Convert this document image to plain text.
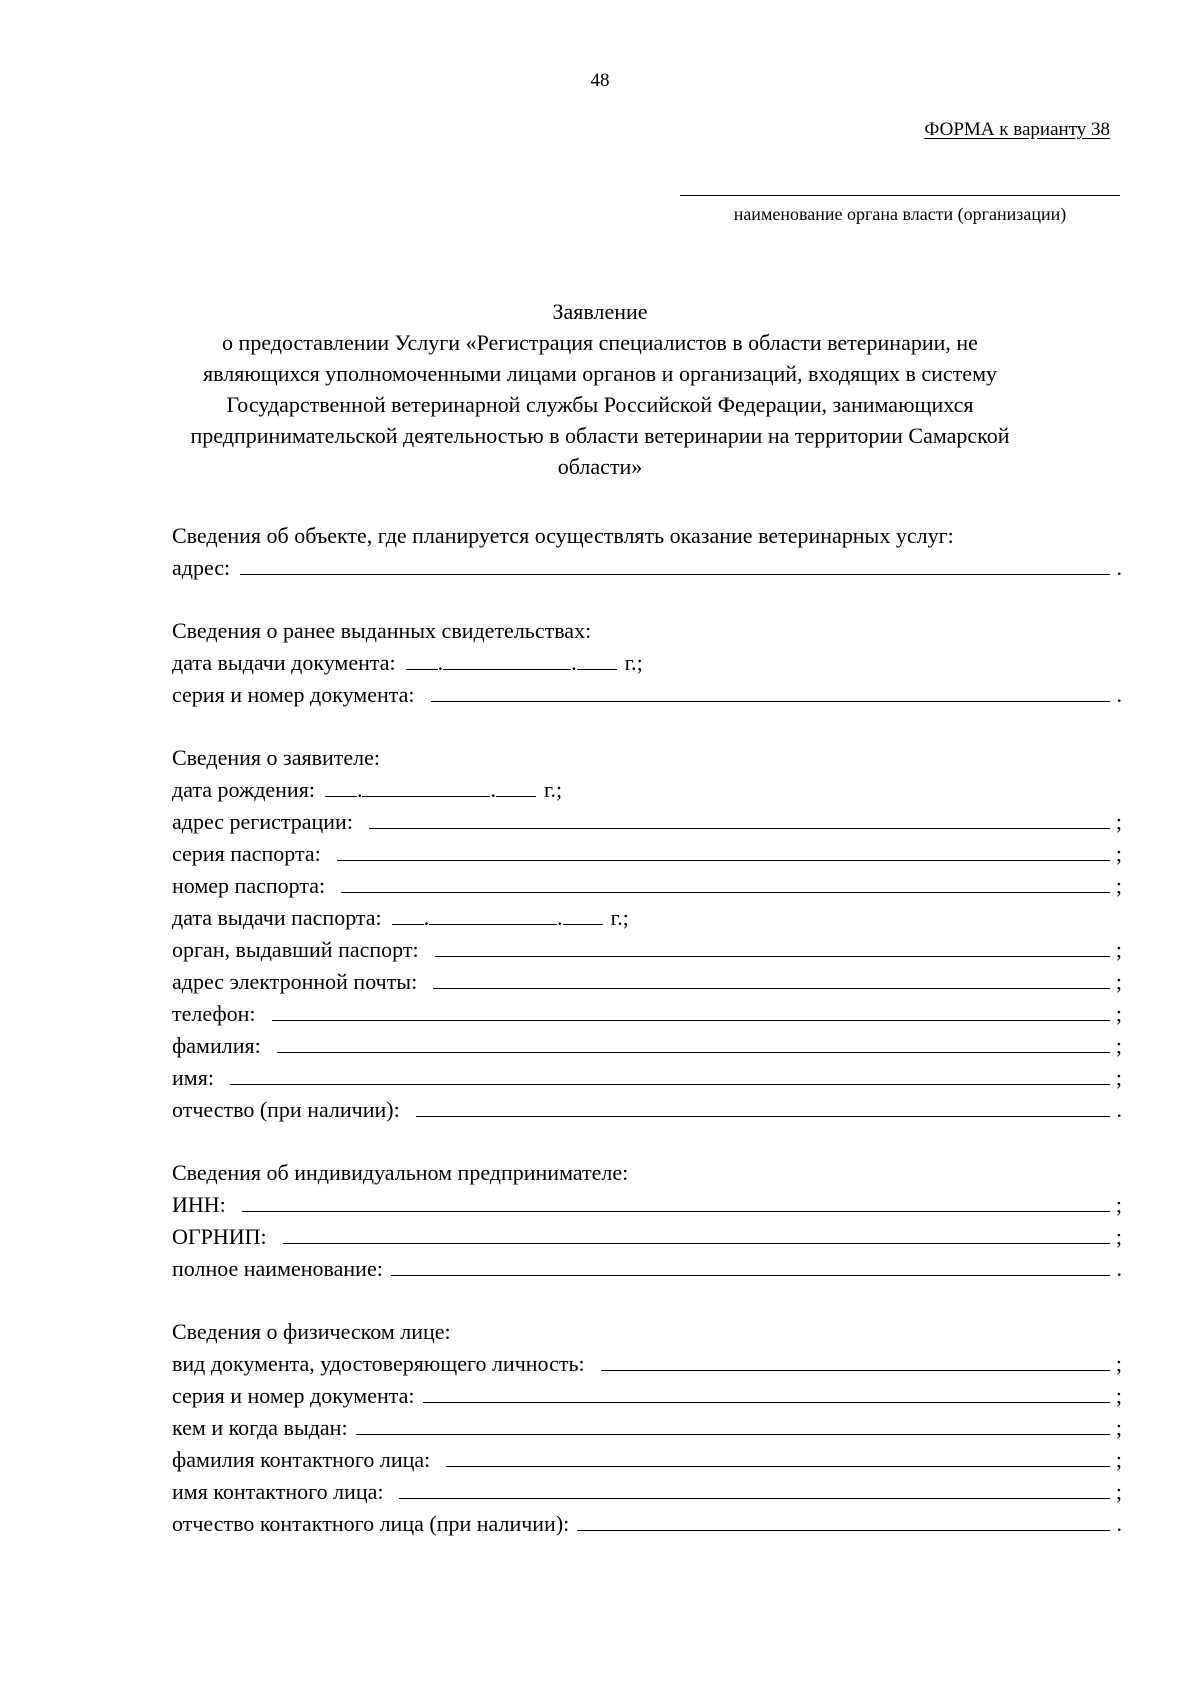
48
ФОРМА к варианту 38
наименование органа власти (организации)
Заявление
о предоставлении Услуги «Регистрация специалистов в области ветеринарии, не
являющихся уполномоченными лицами органов и организаций, входящих в систему
Государственной ветеринарной службы Российской Федерации, занимающихся
предпринимательской деятельностью в области ветеринарии на территории Самарской
области»
Сведения об объекте, где планируется осуществлять оказание ветеринарных услуг:
адрес:	.
Сведения о ранее выданных свидетельствах:
дата выдачи документа: .	. г.;
серия и номер документа:	.
Сведения о заявителе:
дата рождения: .	. г.;
адрес регистрации:	;
серия паспорта:	;
номер паспорта:	;
дата выдачи паспорта: .	. г.;
орган, выдавший паспорт:	;
адрес электронной почты:	;
телефон:	;
фамилия:	;
имя:	;
отчество (при наличии):	.
Сведения об индивидуальном предпринимателе:
ИНН:	;
ОГРНИП:	;
полное наименование:	.
Сведения о физическом лице:
вид документа, удостоверяющего личность:	;
серия и номер документа:	;
кем и когда выдан:	;
фамилия контактного лица:	;
имя контактного лица:	;
отчество контактного лица (при наличии):	.
